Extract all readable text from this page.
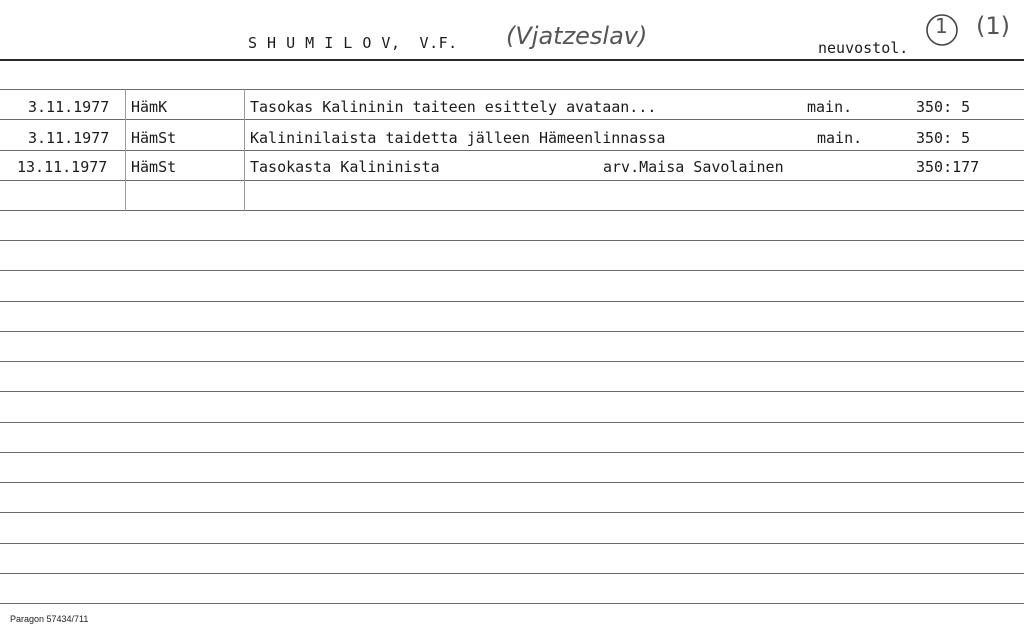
S H U M I L O V,  V.F. (Vjatzeslav)	neuvostol.
1 (1)
3.11.1977 HämK	Tasokas Kalininin taiteen esittely avataan...	main.	350: 5
3.11.1977 HämSt	Kalininilaista taidetta jälleen Hämeenlinnassa	main.	350: 5
13.11.1977 HämSt	Tasokasta Kalininista	arv.Maisa Savolainen	350:177
Paragon 57434/711
